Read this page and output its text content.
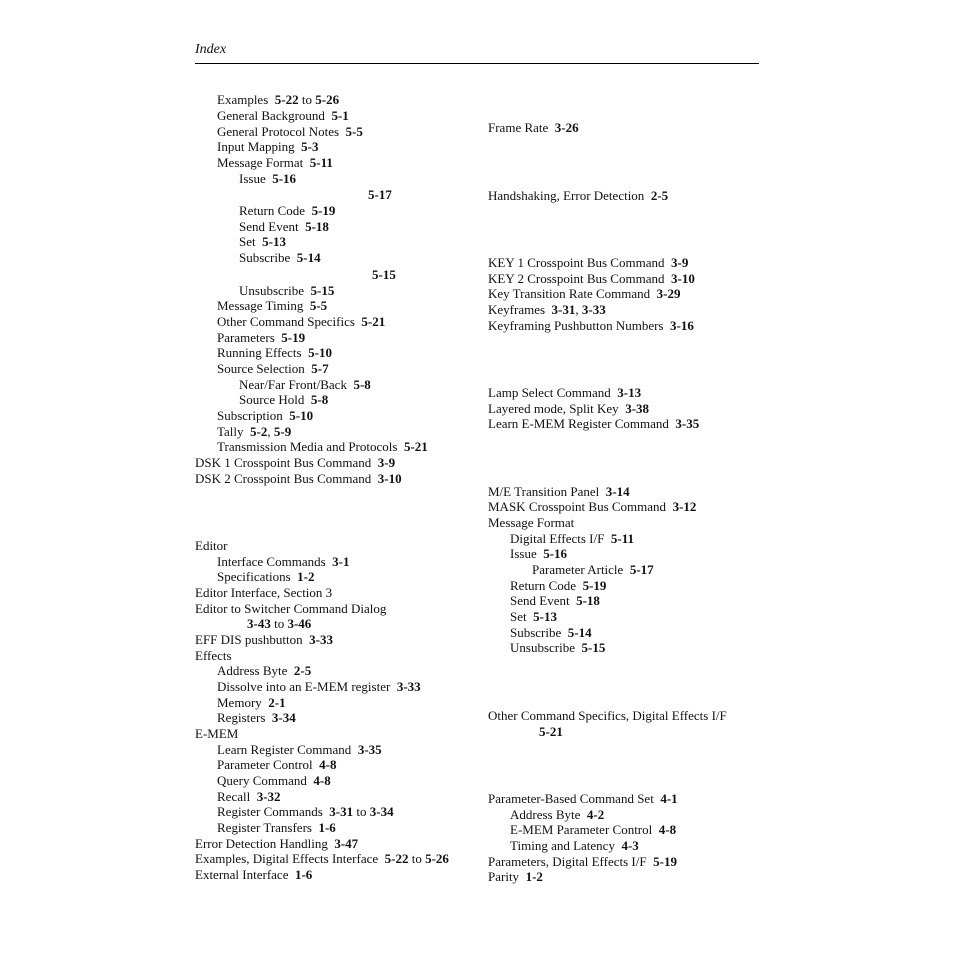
Index
Examples 5-22 to 5-26
General Background 5-1
General Protocol Notes 5-5
Input Mapping 5-3
Message Format 5-11
Issue 5-16
5-17
Return Code 5-19
Send Event 5-18
Set 5-13
Subscribe 5-14
5-15
Unsubscribe 5-15
Message Timing 5-5
Other Command Specifics 5-21
Parameters 5-19
Running Effects 5-10
Source Selection 5-7
Near/Far Front/Back 5-8
Source Hold 5-8
Subscription 5-10
Tally 5-2, 5-9
Transmission Media and Protocols 5-21
DSK 1 Crosspoint Bus Command 3-9
DSK 2 Crosspoint Bus Command 3-10
Editor
Interface Commands 3-1
Specifications 1-2
Editor Interface, Section 3
Editor to Switcher Command Dialog
3-43 to 3-46
EFF DIS pushbutton 3-33
Effects
Address Byte 2-5
Dissolve into an E-MEM register 3-33
Memory 2-1
Registers 3-34
E-MEM
Learn Register Command 3-35
Parameter Control 4-8
Query Command 4-8
Recall 3-32
Register Commands 3-31 to 3-34
Register Transfers 1-6
Error Detection Handling 3-47
Examples, Digital Effects Interface 5-22 to 5-26
External Interface 1-6
Frame Rate 3-26
Handshaking, Error Detection 2-5
KEY 1 Crosspoint Bus Command 3-9
KEY 2 Crosspoint Bus Command 3-10
Key Transition Rate Command 3-29
Keyframes 3-31, 3-33
Keyframing Pushbutton Numbers 3-16
Lamp Select Command 3-13
Layered mode, Split Key 3-38
Learn E-MEM Register Command 3-35
M/E Transition Panel 3-14
MASK Crosspoint Bus Command 3-12
Message Format
Digital Effects I/F 5-11
Issue 5-16
Parameter Article 5-17
Return Code 5-19
Send Event 5-18
Set 5-13
Subscribe 5-14
Unsubscribe 5-15
Other Command Specifics, Digital Effects I/F
5-21
Parameter-Based Command Set 4-1
Address Byte 4-2
E-MEM Parameter Control 4-8
Timing and Latency 4-3
Parameters, Digital Effects I/F 5-19
Parity 1-2
